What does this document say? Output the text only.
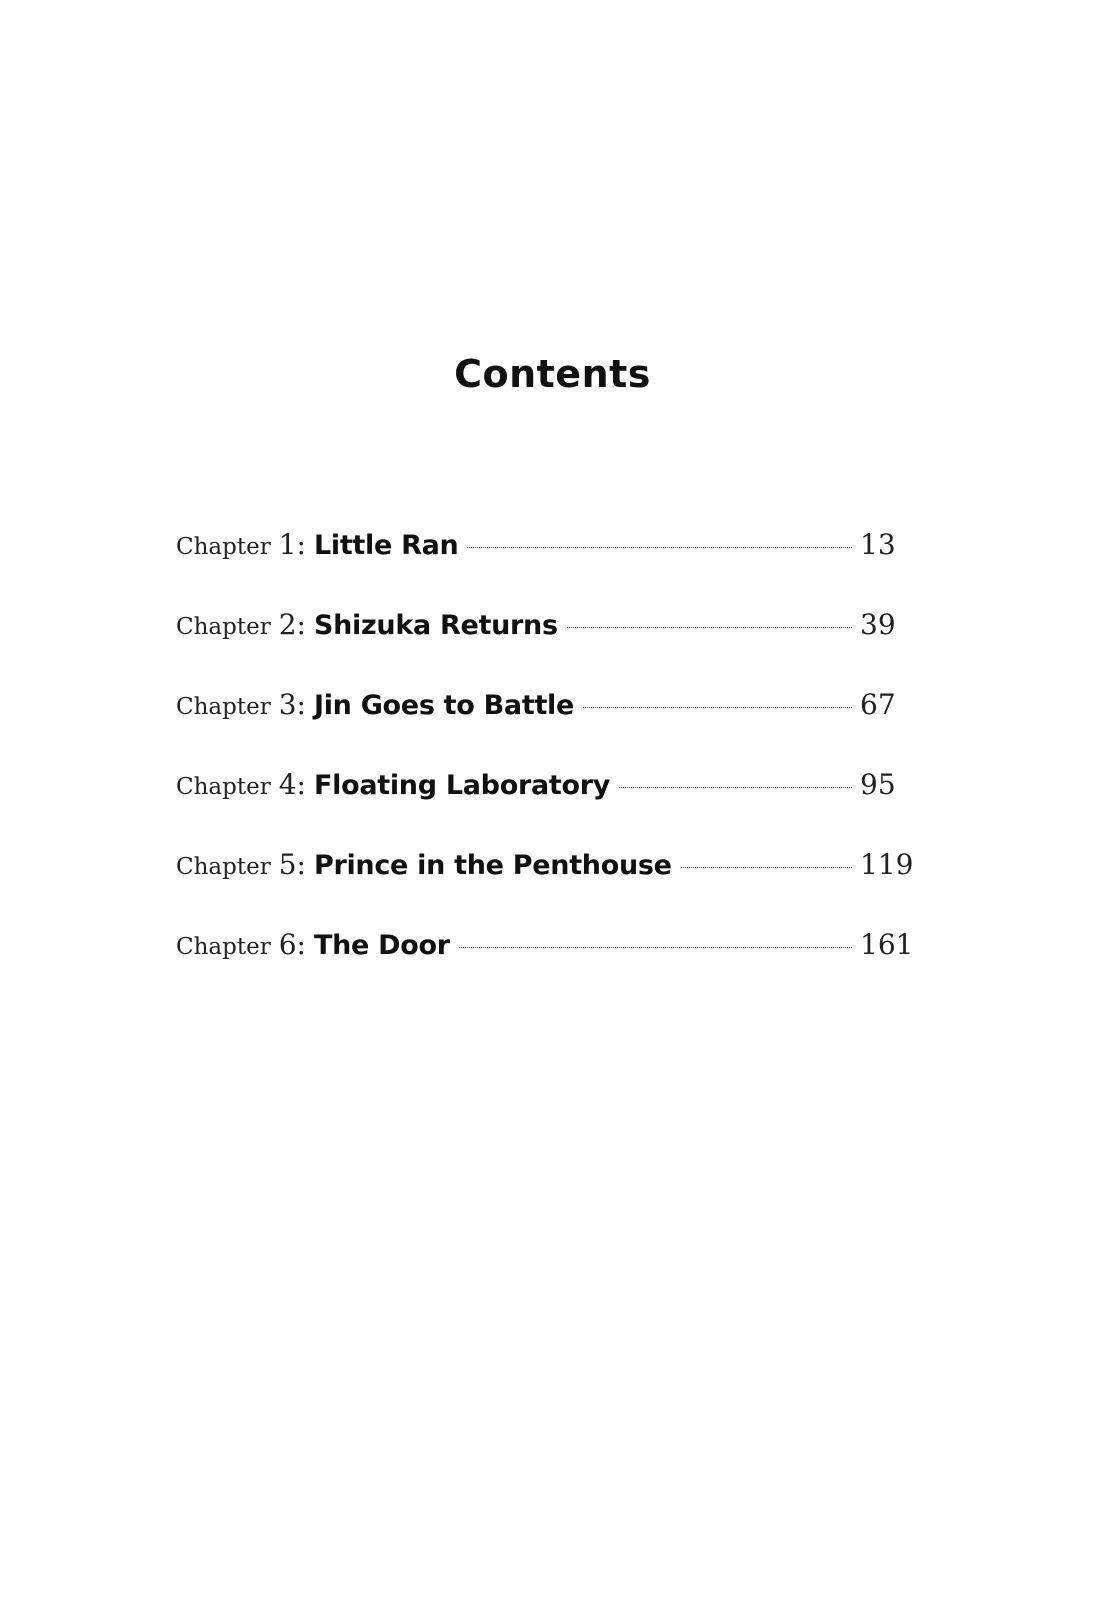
Contents
Chapter 1 : Little Ran	13
Chapter 2 : Shizuka Returns	39
Chapter 3 : Jin Goes to Battle	67
Chapter 4 : Floating Laboratory	95
Chapter 5 : Prince in the Penthouse	119
Chapter 6 : The Door	161
